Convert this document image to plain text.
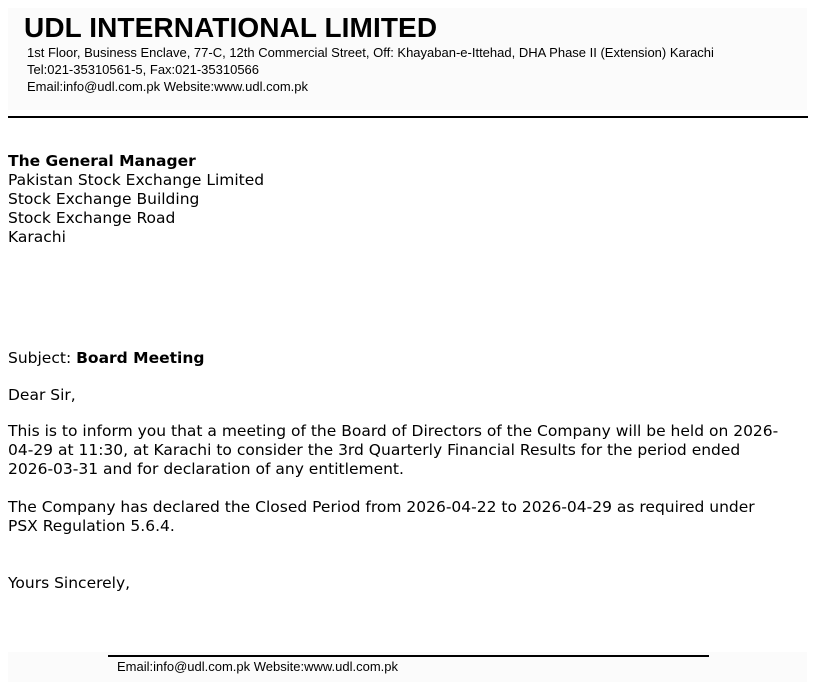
UDL INTERNATIONAL LIMITED
1st Floor, Business Enclave, 77-C, 12th Commercial Street, Off: Khayaban-e-Ittehad, DHA Phase II (Extension) Karachi
Tel:021-35310561-5, Fax:021-35310566
Email:info@udl.com.pk Website:www.udl.com.pk
The General Manager
Pakistan Stock Exchange Limited
Stock Exchange Building
Stock Exchange Road
Karachi
Subject: Board Meeting
Dear Sir,
This is to inform you that a meeting of the Board of Directors of the Company will be held on 2026-04-29 at 11:30, at Karachi to consider the 3rd Quarterly Financial Results for the period ended 2026-03-31 and for declaration of any entitlement.
The Company has declared the Closed Period from 2026-04-22 to 2026-04-29 as required under PSX Regulation 5.6.4.
Yours Sincerely,
Email:info@udl.com.pk Website:www.udl.com.pk
